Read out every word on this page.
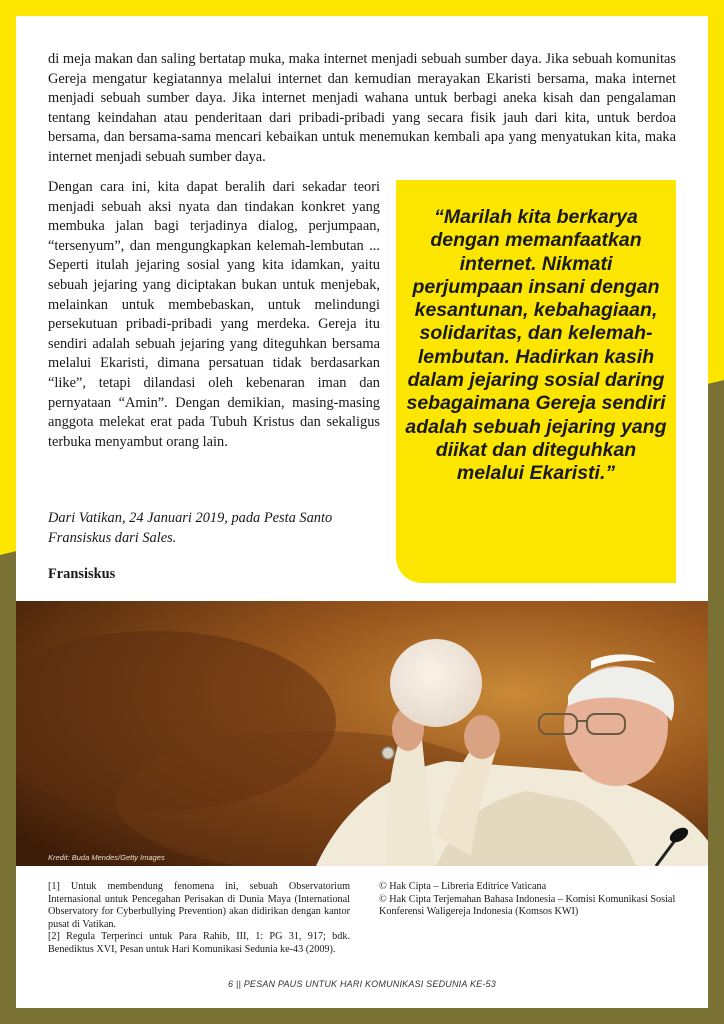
di meja makan dan saling bertatap muka, maka internet menjadi sebuah sumber daya. Jika sebuah komunitas Gereja mengatur kegiatannya melalui internet dan kemudian merayakan Ekaristi bersama, maka internet menjadi sebuah sumber daya. Jika internet menjadi wahana untuk berbagi aneka kisah dan pengalaman tentang keindahan atau penderitaan dari pribadi-pribadi yang secara fisik jauh dari kita, untuk berdoa bersama, dan bersama-sama mencari kebaikan untuk menemukan kembali apa yang menyatukan kita, maka internet menjadi sebuah sumber daya.

Dengan cara ini, kita dapat beralih dari sekadar teori menjadi sebuah aksi nyata dan tindakan konkret yang membuka jalan bagi terjadinya dialog, perjumpaan, “tersenyum”, dan mengungkapkan kelemah-lembutan ... Seperti itulah jejaring sosial yang kita idamkan, yaitu sebuah jejaring yang diciptakan bukan untuk menjebak, melainkan untuk membebaskan, untuk melindungi persekutuan pribadi-pribadi yang merdeka. Gereja itu sendiri adalah sebuah jejaring yang diteguhkan bersama melalui Ekaristi, dimana persatuan tidak berdasarkan “like”, tetapi dilandasi oleh kebenaran iman dan pernyataan “Amin”. Dengan demikian, masing-masing anggota melekat erat pada Tubuh Kristus dan sekaligus terbuka menyambut orang lain.

Dari Vatikan, 24 Januari 2019, pada Pesta Santo Fransiskus dari Sales.
Fransiskus
“Marilah kita berkarya dengan memanfaatkan internet. Nikmati perjumpaan insani dengan kesantunan, kebahagiaan, solidaritas, dan kelemah-lembutan. Hadirkan kasih dalam jejaring sosial daring sebagaimana Gereja sendiri adalah sebuah jejaring yang diikat dan diteguhkan melalui Ekaristi.”
Kredit: Buda Mendes/Getty Images

[1] Untuk membendung fenomena ini, sebuah Observatorium Internasional untuk Pencegahan Perisakan di Dunia Maya (International Observatory for Cyberbullying Prevention) akan didirikan dengan kantor pusat di Vatikan.

[2] Regula Terperinci untuk Para Rahib, III, 1: PG 31, 917; bdk. Benediktus XVI, Pesan untuk Hari Komunikasi Sedunia ke-43 (2009).

© Hak Cipta – Libreria Editrice Vaticana

© Hak Cipta Terjemahan Bahasa Indonesia – Komisi Komunikasi Sosial Konferensi Waligereja Indonesia (Komsos KWI)

6 || PESAN PAUS UNTUK HARI KOMUNIKASI SEDUNIA KE-53
